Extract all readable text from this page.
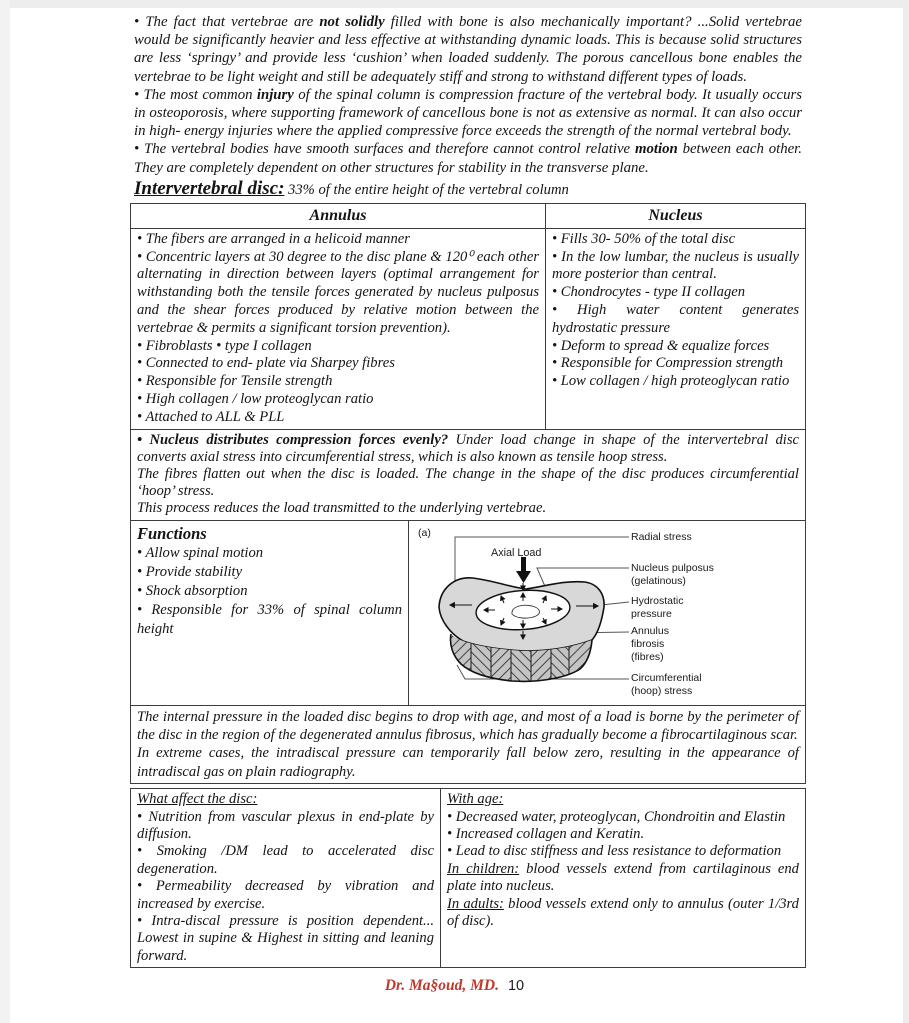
• The fact that vertebrae are not solidly filled with bone is also mechanically important? ...Solid vertebrae would be significantly heavier and less effective at withstanding dynamic loads. This is because solid structures are less ‘springy’ and provide less ‘cushion’ when loaded suddenly. The porous cancellous bone enables the vertebrae to be light weight and still be adequately stiff and strong to withstand different types of loads.

• The most common injury of the spinal column is compression fracture of the vertebral body. It usually occurs in osteoporosis, where supporting framework of cancellous bone is not as extensive as normal. It can also occur in high- energy injuries where the applied compressive force exceeds the strength of the normal vertebral body.

• The vertebral bodies have smooth surfaces and therefore cannot control relative motion between each other. They are completely dependent on other structures for stability in the transverse plane.

Intervertebral disc: 33% of the entire height of the vertebral column
Annulus	Nucleus

• The fibers are arranged in a helicoid manner

• Concentric layers at 30 degree to the disc plane & 120⁰ each other alternating in direction between layers (optimal arrangement for withstanding both the tensile forces generated by nucleus pulposus and the shear forces produced by relative motion between the vertebrae & permits a significant torsion prevention).

• Fibroblasts • type I collagen

• Connected to end- plate via Sharpey fibres

• Responsible for Tensile strength

• High collagen / low proteoglycan ratio

• Attached to ALL & PLL

• Fills 30- 50% of the total disc

• In the low lumbar, the nucleus is usually more posterior than central.

• Chondrocytes - type II collagen

• High water content generates hydrostatic pressure

• Deform to spread & equalize forces

• Responsible for Compression strength

• Low collagen / high proteoglycan ratio

• Nucleus distributes compression forces evenly? Under load change in shape of the intervertebral disc converts axial stress into circumferential stress, which is also known as tensile hoop stress.

The fibres flatten out when the disc is loaded. The change in the shape of the disc produces circumferential ‘hoop’ stress.

This process reduces the load transmitted to the underlying vertebrae.

Functions
• Allow spinal motion
• Provide stability
• Shock absorption
• Responsible for 33% of spinal column height
(a)
Axial Load
Radial stress
Nucleus pulposus (gelatinous)
Hydrostatic pressure
Annulus fibrosis (fibres)
Circumferential (hoop) stress

The internal pressure in the loaded disc begins to drop with age, and most of a load is borne by the perimeter of the disc in the region of the degenerated annulus fibrosus, which has gradually become a fibrocartilaginous scar.

In extreme cases, the intradiscal pressure can temporarily fall below zero, resulting in the appearance of intradiscal gas on plain radiography.

What affect the disc:

• Nutrition from vascular plexus in end-plate by diffusion.

• Smoking /DM lead to accelerated disc degeneration.

• Permeability decreased by vibration and increased by exercise.

• Intra-discal pressure is position dependent... Lowest in supine & Highest in sitting and leaning forward.

With age:

• Decreased water, proteoglycan, Chondroitin and Elastin

• Increased collagen and Keratin.

• Lead to disc stiffness and less resistance to deformation

In children: blood vessels extend from cartilaginous end plate into nucleus.

In adults: blood vessels extend only to annulus (outer 1/3rd of disc).

Dr. Ma§oud, MD. 10
